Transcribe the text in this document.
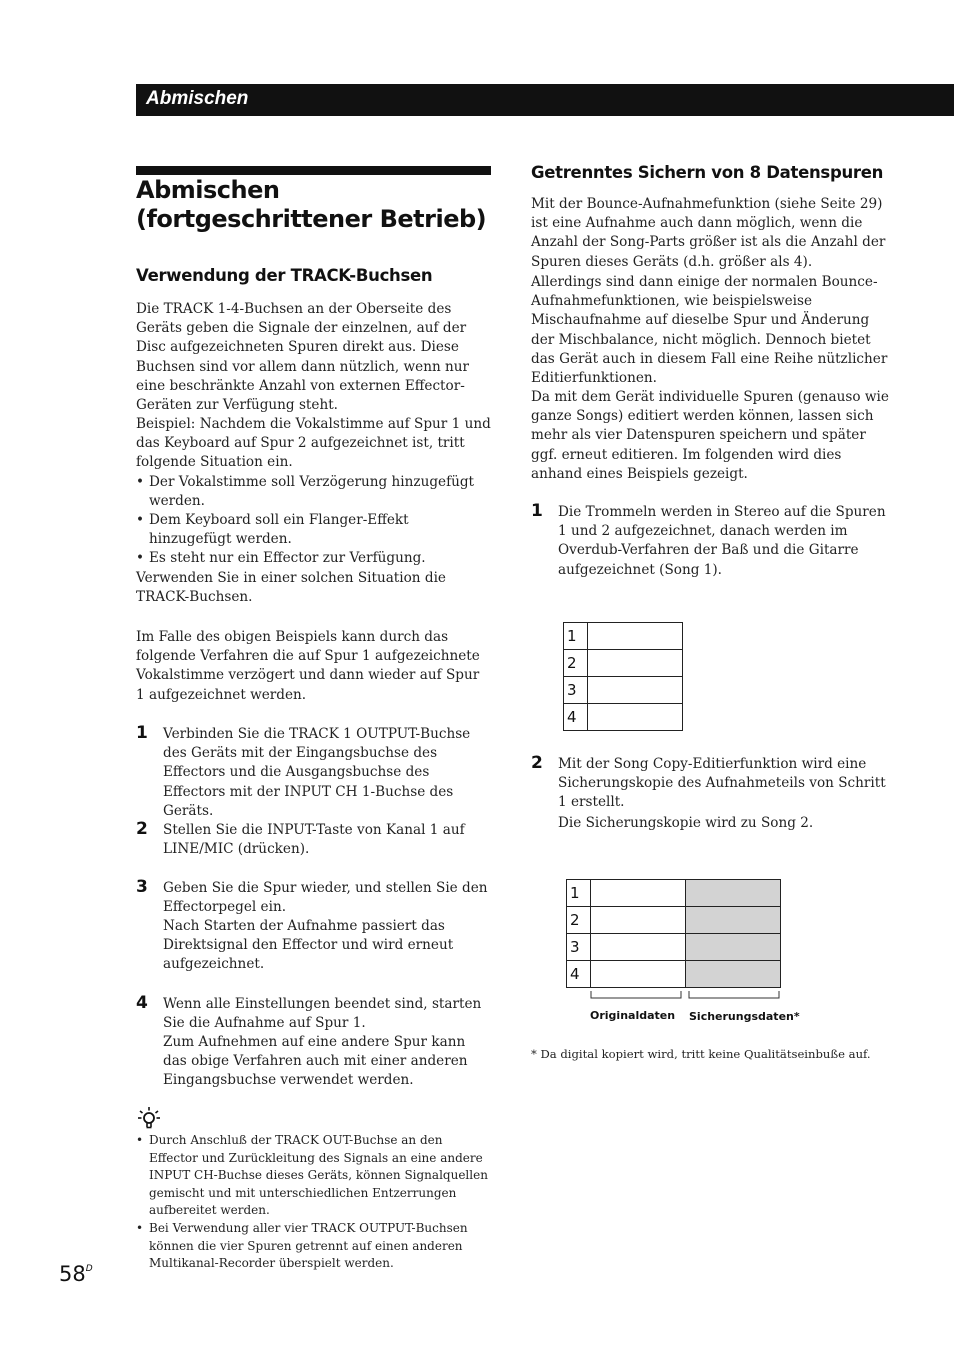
Abmischen
Abmischen (fortgeschrittener Betrieb)
Verwendung der TRACK-Buchsen

Die TRACK 1-4-Buchsen an der Oberseite des Geräts geben die Signale der einzelnen, auf der Disc aufgezeichneten Spuren direkt aus. Diese Buchsen sind vor allem dann nützlich, wenn nur eine beschränkte Anzahl von externen Effector-Geräten zur Verfügung steht.

Beispiel: Nachdem die Vokalstimme auf Spur 1 und das Keyboard auf Spur 2 aufgezeichnet ist, tritt folgende Situation ein.
• Der Vokalstimme soll Verzögerung hinzugefügt werden.
• Dem Keyboard soll ein Flanger-Effekt hinzugefügt werden.
• Es steht nur ein Effector zur Verfügung.
Verwenden Sie in einer solchen Situation die TRACK-Buchsen.

Im Falle des obigen Beispiels kann durch das folgende Verfahren die auf Spur 1 aufgezeichnete Vokalstimme verzögert und dann wieder auf Spur 1 aufgezeichnet werden.

1 Verbinden Sie die TRACK 1 OUTPUT-Buchse des Geräts mit der Eingangsbuchse des Effectors und die Ausgangsbuchse des Effectors mit der INPUT CH 1-Buchse des Geräts.

2 Stellen Sie die INPUT-Taste von Kanal 1 auf LINE/MIC (drücken).

3 Geben Sie die Spur wieder, und stellen Sie den Effectorpegel ein.

Nach Starten der Aufnahme passiert das Direktsignal den Effector und wird erneut aufgezeichnet.

4 Wenn alle Einstellungen beendet sind, starten Sie die Aufnahme auf Spur 1.

Zum Aufnehmen auf eine andere Spur kann das obige Verfahren auch mit einer anderen Eingangsbuchse verwendet werden.

• Durch Anschluß der TRACK OUT-Buchse an den Effector und Zurückleitung des Signals an eine andere INPUT CH-Buchse dieses Geräts, können Signalquellen gemischt und mit unterschiedlichen Entzerrungen aufbereitet werden.
• Bei Verwendung aller vier TRACK OUTPUT-Buchsen können die vier Spuren getrennt auf einen anderen Multikanal-Recorder überspielt werden.
Getrenntes Sichern von 8 Datenspuren

Mit der Bounce-Aufnahmefunktion (siehe Seite 29) ist eine Aufnahme auch dann möglich, wenn die Anzahl der Song-Parts größer ist als die Anzahl der Spuren dieses Geräts (d.h. größer als 4).

Allerdings sind dann einige der normalen Bounce-Aufnahmefunktionen, wie beispielsweise Mischaufnahme auf dieselbe Spur und Änderung der Mischbalance, nicht möglich. Dennoch bietet das Gerät auch in diesem Fall eine Reihe nützlicher Editierfunktionen.

Da mit dem Gerät individuelle Spuren (genauso wie ganze Songs) editiert werden können, lassen sich mehr als vier Datenspuren speichern und später ggf. erneut editieren. Im folgenden wird dies anhand eines Beispiels gezeigt.

1 Die Trommeln werden in Stereo auf die Spuren 1 und 2 aufgezeichnet, danach werden im Overdub-Verfahren der Baß und die Gitarre aufgezeichnet (Song 1).

1	
2	
3	
4	
2 Mit der Song Copy-Editierfunktion wird eine Sicherungskopie des Aufnahmeteils von Schritt 1 erstellt.

Die Sicherungskopie wird zu Song 2.

1		
2		
3		
4		
Originaldaten Sicherungsdaten*
* Da digital kopiert wird, tritt keine Qualitätseinbuße auf.
$58^D$
